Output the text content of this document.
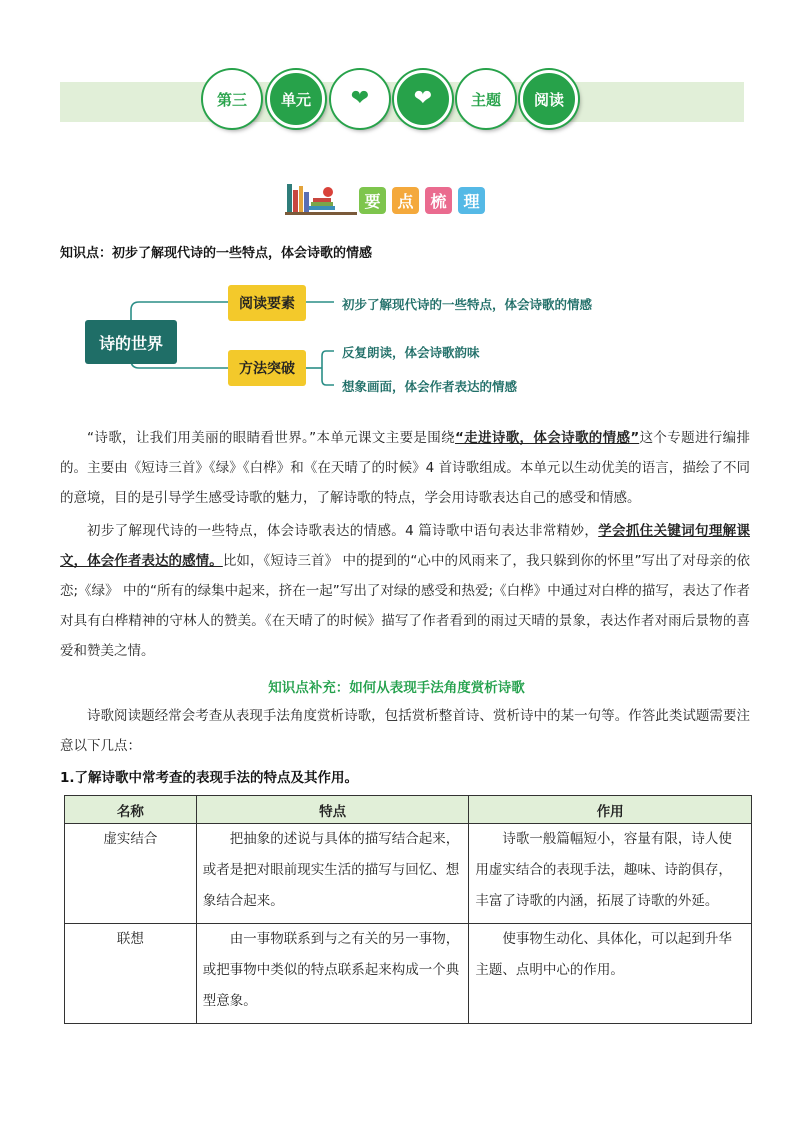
第三 单元 ❤ ❤	主题 阅读
要 点 梳 理
知识点：初步了解现代诗的一些特点，体会诗歌的情感
诗的世界
阅读要素
方法突破
初步了解现代诗的一些特点，体会诗歌的情感
反复朗读，体会诗歌韵味
想象画面，体会作者表达的情感

“诗歌，让我们用美丽的眼睛看世界。”本单元课文主要是围绕“走进诗歌，体会诗歌的情感”这个专题进行编排的。主要由《短诗三首》《绿》《白桦》和《在天晴了的时候》4 首诗歌组成。本单元以生动优美的语言，描绘了不同的意境，目的是引导学生感受诗歌的魅力，了解诗歌的特点，学会用诗歌表达自己的感受和情感。

初步了解现代诗的一些特点，体会诗歌表达的情感。4 篇诗歌中语句表达非常精妙，学会抓住关键词句理解课文，体会作者表达的感情。比如，《短诗三首》 中的提到的“心中的风雨来了，我只躲到你的怀里”写出了对母亲的依恋;《绿》 中的“所有的绿集中起来，挤在一起”写出了对绿的感受和热爱;《白桦》中通过对白桦的描写，表达了作者对具有白桦精神的守林人的赞美。《在天晴了的时候》描写了作者看到的雨过天晴的景象，表达作者对雨后景物的喜爱和赞美之情。

知识点补充：如何从表现手法角度赏析诗歌

诗歌阅读题经常会考查从表现手法角度赏析诗歌，包括赏析整首诗、赏析诗中的某一句等。作答此类试题需要注意以下几点：

1.了解诗歌中常考查的表现手法的特点及其作用。
名称	特点	作用
虚实结合	把抽象的述说与具体的描写结合起来，或者是把对眼前现实生活的描写与回忆、想象结合起来。	诗歌一般篇幅短小，容量有限，诗人使用虚实结合的表现手法，趣味、诗韵俱存，丰富了诗歌的内涵，拓展了诗歌的外延。

联想	由一事物联系到与之有关的另一事物，或把事物中类似的特点联系起来构成一个典型意象。	使事物生动化、具体化，可以起到升华主题、点明中心的作用。
